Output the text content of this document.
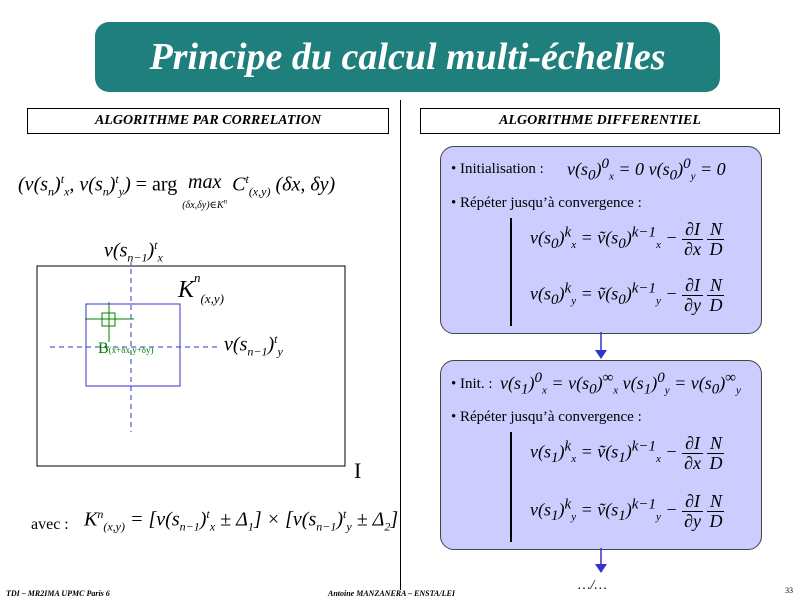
Principe du calcul multi-échelles
ALGORITHME PAR CORRELATION	ALGORITHME DIFFERENTIEL
($v(s_n)^t_x$, $v(s_n)^t_y$) = arg max
$(\delta x,\delta y)\in K^n$ $C^t_{(x,y)}$ (δx, δy)
$v(s_{n-1})^t_x$
$K^n_{(x,y)}$
$v(s_{n-1})^t_y$
B(x+δx,y+δy)
I
avec : $K^n_{(x,y)} = [v(s_{n-1})^t_x \pm \Delta_1] \times [v(s_{n-1})^t_y \pm \Delta_2]$
• Initialisation : $v(s_0)^0_x = 0$ $v(s_0)^0_y = 0$
• Répéter jusqu’à convergence :
$v(s_0)^k_x$ = $ṽ(s_0)^{k-1}_x - \frac{\partial I}{\partial x}$
$\frac{N}{D}$
$v(s_0)^k_y$ = $ṽ(s_0)^{k-1}_y - \frac{\partial I}{\partial y}$
$\frac{N}{D}$
• Init. : $v(s_1)^0_x = v(s_0)^\infty_x$ $v(s_1)^0_y = v(s_0)^\infty_y$
• Répéter jusqu’à convergence :
$v(s_1)^k_x$ = $ṽ(s_1)^{k-1}_x - \frac{\partial I}{\partial x}$
$\frac{N}{D}$
$v(s_1)^k_y$ = $ṽ(s_1)^{k-1}_y - \frac{\partial I}{\partial y}$
$\frac{N}{D}$
…/…
TDI – MR2IMA UPMC Paris 6	Antoine MANZANERA – ENSTA/LEI	33
